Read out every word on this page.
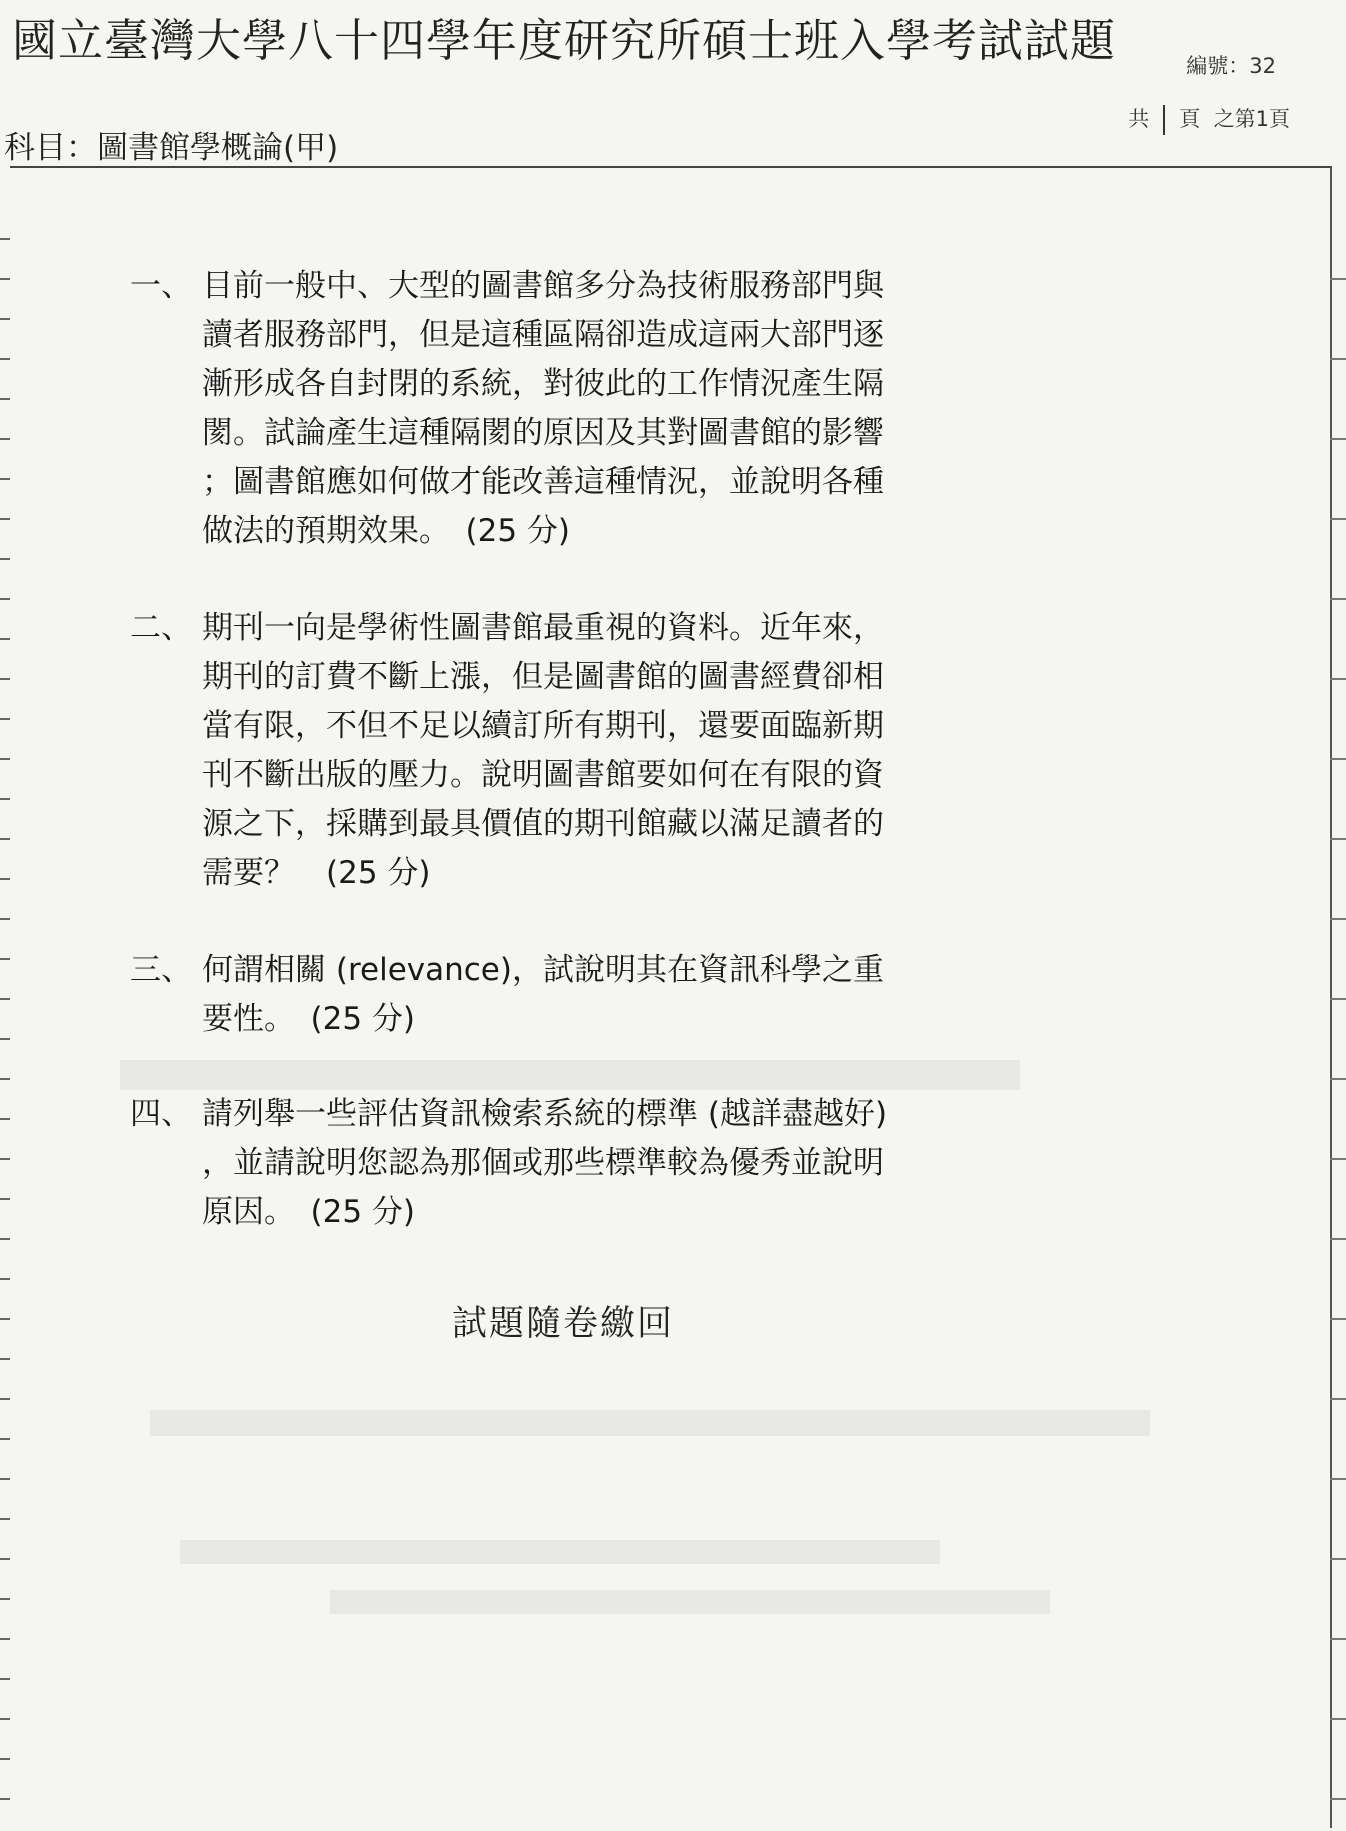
國立臺灣大學八十四學年度研究所碩士班入學考試試題	編號：32
共 頁 之第1頁
科目：圖書館學概論(甲)
一、 目前一般中、大型的圖書館多分為技術服務部門與
讀者服務部門，但是這種區隔卻造成這兩大部門逐
漸形成各自封閉的系統，對彼此的工作情況產生隔
閡。試論產生這種隔閡的原因及其對圖書館的影響
；圖書館應如何做才能改善這種情況，並說明各種
做法的預期效果。　(25 分)
二、 期刊一向是學術性圖書館最重視的資料。近年來，
期刊的訂費不斷上漲，但是圖書館的圖書經費卻相
當有限，不但不足以續訂所有期刊，還要面臨新期
刊不斷出版的壓力。說明圖書館要如何在有限的資
源之下，採購到最具價值的期刊館藏以滿足讀者的
需要？　(25 分)
三、 何謂相關 (relevance)，試說明其在資訊科學之重
要性。　(25 分)
四、 請列舉一些評估資訊檢索系統的標準 (越詳盡越好)
，並請說明您認為那個或那些標準較為優秀並說明
原因。　(25 分)
試題隨卷繳回
